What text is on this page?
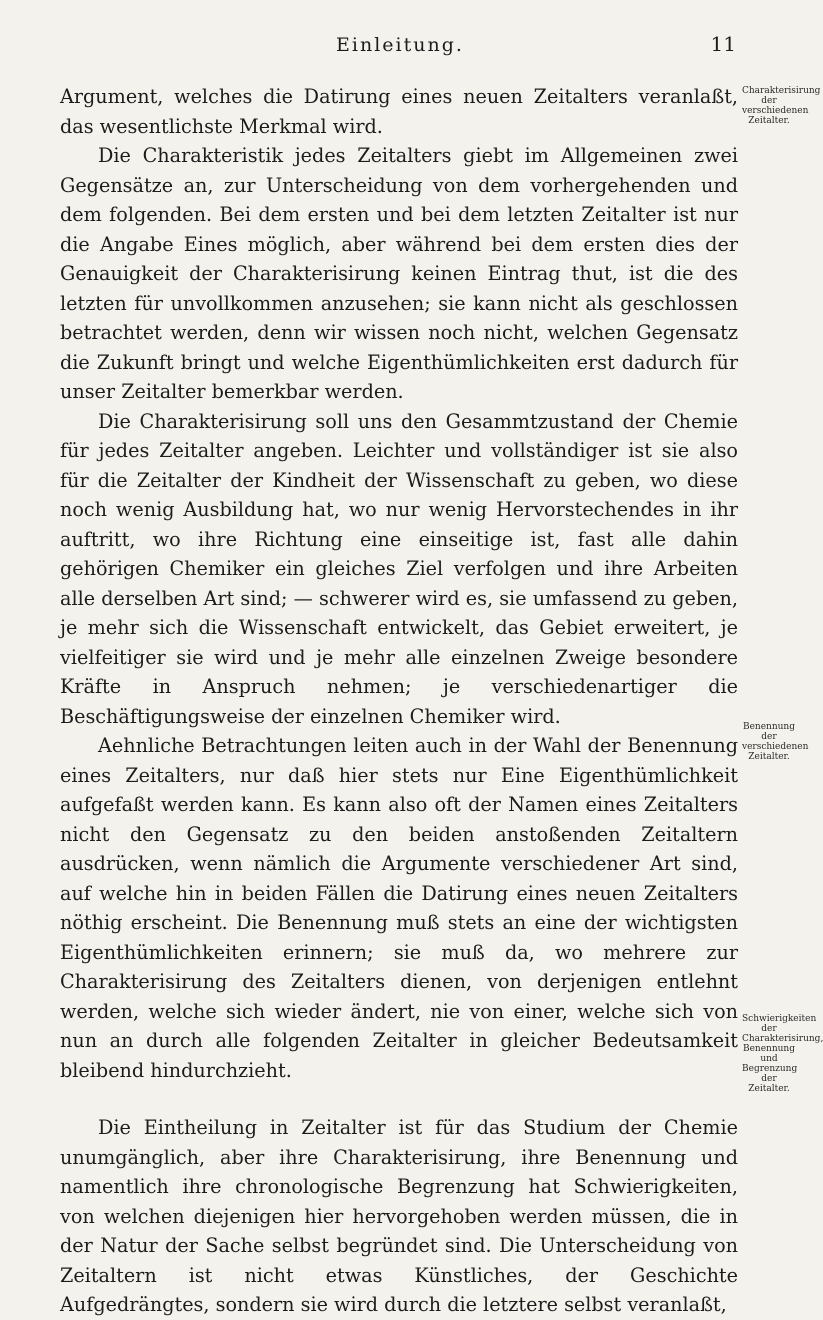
Einleitung.	11

Argument, welches die Datirung eines neuen Zeitalters veranlaßt, das wesentlichste Merkmal wird.

Die Charakteristik jedes Zeitalters giebt im Allgemeinen zwei Gegensätze an, zur Unterscheidung von dem vorhergehenden und dem folgenden. Bei dem ersten und bei dem letzten Zeitalter ist nur die Angabe Eines möglich, aber während bei dem ersten dies der Genauigkeit der Charakterisirung keinen Eintrag thut, ist die des letzten für unvollkommen anzusehen; sie kann nicht als geschlossen betrachtet werden, denn wir wissen noch nicht, welchen Gegensatz die Zukunft bringt und welche Eigenthümlichkeiten erst dadurch für unser Zeitalter bemerkbar werden.

Die Charakterisirung soll uns den Gesammtzustand der Chemie für jedes Zeitalter angeben. Leichter und vollständiger ist sie also für die Zeitalter der Kindheit der Wissenschaft zu geben, wo diese noch wenig Ausbildung hat, wo nur wenig Hervorstechendes in ihr auftritt, wo ihre Richtung eine einseitige ist, fast alle dahin gehörigen Chemiker ein gleiches Ziel verfolgen und ihre Arbeiten alle derselben Art sind; — schwerer wird es, sie umfassend zu geben, je mehr sich die Wissenschaft entwickelt, das Gebiet erweitert, je vielfeitiger sie wird und je mehr alle einzelnen Zweige besondere Kräfte in Anspruch nehmen; je verschiedenartiger die Beschäftigungsweise der einzelnen Chemiker wird.

Aehnliche Betrachtungen leiten auch in der Wahl der Benennung eines Zeitalters, nur daß hier stets nur Eine Eigenthümlichkeit aufgefaßt werden kann. Es kann also oft der Namen eines Zeitalters nicht den Gegensatz zu den beiden anstoßenden Zeitaltern ausdrücken, wenn nämlich die Argumente verschiedener Art sind, auf welche hin in beiden Fällen die Datirung eines neuen Zeitalters nöthig erscheint. Die Benennung muß stets an eine der wichtigsten Eigenthümlichkeiten erinnern; sie muß da, wo mehrere zur Charakterisirung des Zeitalters dienen, von derjenigen entlehnt werden, welche sich wieder ändert, nie von einer, welche sich von nun an durch alle folgenden Zeitalter in gleicher Bedeutsamkeit bleibend hindurchzieht.

Die Eintheilung in Zeitalter ist für das Studium der Chemie unumgänglich, aber ihre Charakterisirung, ihre Benennung und namentlich ihre chronologische Begrenzung hat Schwierigkeiten, von welchen diejenigen hier hervorgehoben werden müssen, die in der Natur der Sache selbst begründet sind. Die Unterscheidung von Zeitaltern ist nicht etwas Künstliches, der Geschichte Aufgedrängtes, sondern sie wird durch die letztere selbst veranlaßt,

Charakterisirung der verschiedenen Zeitalter.
Benennung der verschiedenen Zeitalter.
Schwierigkeiten der Charakterisirung, Benennung und Begrenzung der Zeitalter.
